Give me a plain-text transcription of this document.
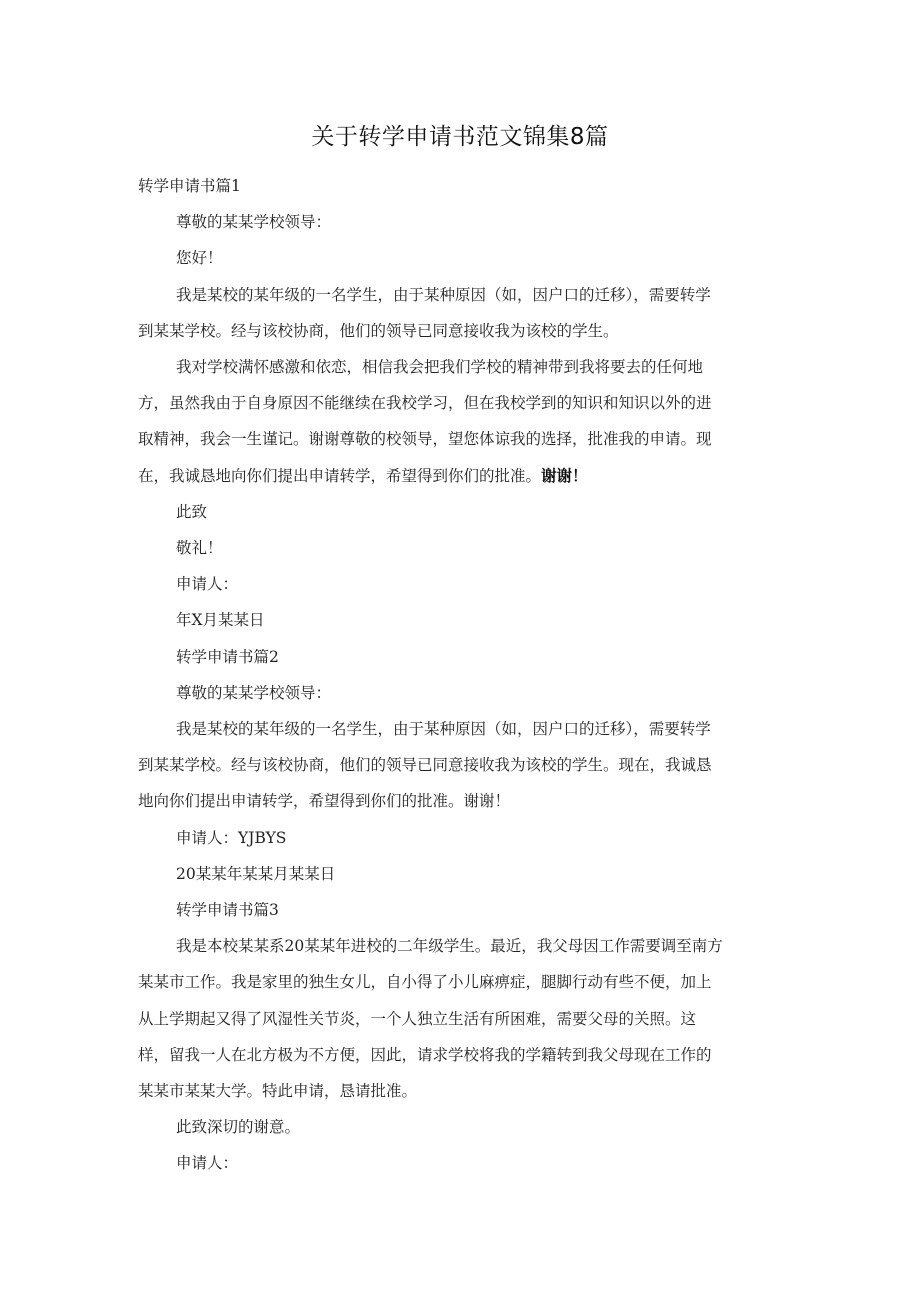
关于转学申请书范文锦集8篇
转学申请书篇1
尊敬的某某学校领导：
您好！
我是某校的某年级的一名学生，由于某种原因（如，因户口的迁移），需要转学
到某某学校。经与该校协商，他们的领导已同意接收我为该校的学生。
我对学校满怀感激和依恋，相信我会把我们学校的精神带到我将要去的任何地
方，虽然我由于自身原因不能继续在我校学习，但在我校学到的知识和知识以外的进
取精神，我会一生谨记。谢谢尊敬的校领导，望您体谅我的选择，批准我的申请。现
在，我诚恳地向你们提出申请转学，希望得到你们的批准。谢谢！
此致
敬礼！
申请人：
年X月某某日
转学申请书篇2
尊敬的某某学校领导：
我是某校的某年级的一名学生，由于某种原因（如，因户口的迁移），需要转学
到某某学校。经与该校协商，他们的领导已同意接收我为该校的学生。现在，我诚恳
地向你们提出申请转学，希望得到你们的批准。谢谢！
申请人：YJBYS
20某某年某某月某某日
转学申请书篇3
我是本校某某系20某某年进校的二年级学生。最近，我父母因工作需要调至南方
某某市工作。我是家里的独生女儿，自小得了小儿麻痹症，腿脚行动有些不便，加上
从上学期起又得了风湿性关节炎，一个人独立生活有所困难，需要父母的关照。这
样，留我一人在北方极为不方便，因此，请求学校将我的学籍转到我父母现在工作的
某某市某某大学。特此申请，恳请批准。
此致深切的谢意。
申请人：
